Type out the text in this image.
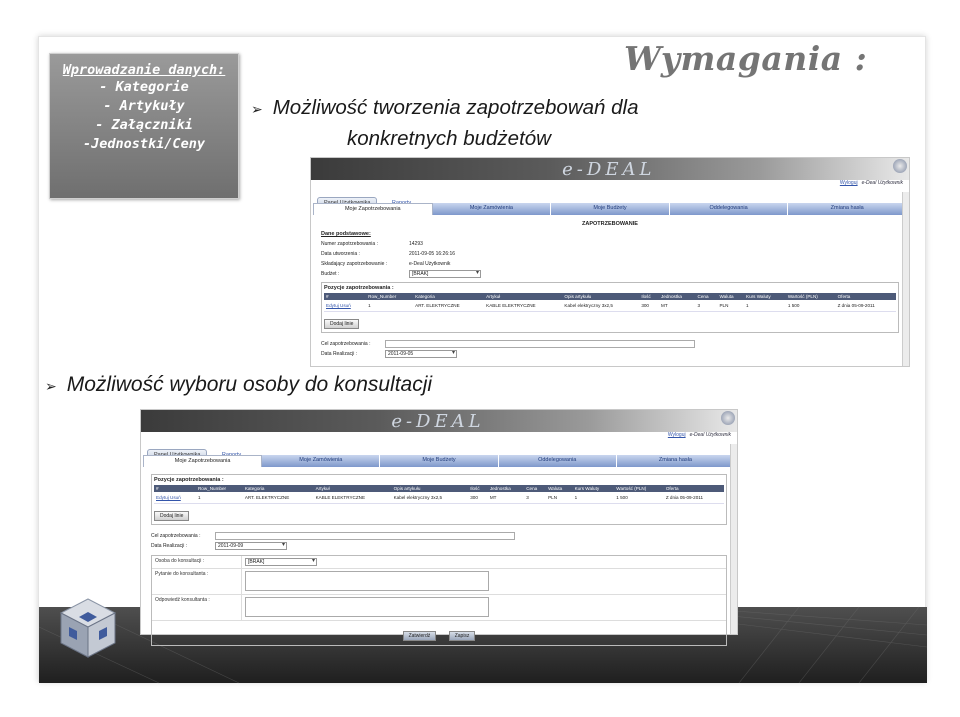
Wprowadzanie danych:
- Kategorie
- Artykuły
- Załączniki
-Jednostki/Ceny
Wymagania :
➢ Możliwość tworzenia zapotrzebowań dla
konkretnych budżetów
e-DEAL
Wyloguj e-Deal Użytkownik

Moje Zapotrzebowania	Moje Zamówienia	Moje Budżety	Oddelegowania	Zmiana hasła
ZAPOTRZEBOWANIE
Dane podstawowe:
Numer zapotrzebowania :	14293
Data utworzenia :	2011-09-05 16:26:16
Składający zapotrzebowanie :	e-Deal Użytkownik
Budżet :	[BRAK] ▾
Pozycje zapotrzebowania :
#	Row_Number	Kategoria	Artykuł	Opis artykułu	Ilość	Jednostka	Cena	Waluta	Kurs Waluty	Wartość (PLN)	Oferta
Edytuj Usuń	1	ART. ELEKTRYCZNE	KABLE ELEKTRYCZNE	Kabel elektryczny 3x2,5	300	MT	3	PLN	1	1 500	Z dnia 05-09-2011
Dodaj linie
Cel zapotrzebowania :
Data Realizacji :	2011-09-05 ▾
➢ Możliwość wyboru osoby do konsultacji
e-DEAL
Wyloguj e-Deal Użytkownik

Moje Zapotrzebowania	Moje Zamówienia	Moje Budżety	Oddelegowania	Zmiana hasła
Pozycje zapotrzebowania :
#	Row_Number	Kategoria	Artykuł	Opis artykułu	Ilość	Jednostka	Cena	Waluta	Kurs Waluty	Wartość (PLN)	Oferta
Edytuj Usuń	1	ART. ELEKTRYCZNE	KABLE ELEKTRYCZNE	Kabel elektryczny 3x2,5	300	MT	3	PLN	1	1 500	Z dnia 05-09-2011
Dodaj linie
Cel zapotrzebowania :
Data Realizacji :	2011-09-09 ▾
Osoba do konsultacji :	[BRAK] ▾
Pytanie do konsultanta :
Odpowiedź konsultanta :
Zatwierdź	Zapisz
